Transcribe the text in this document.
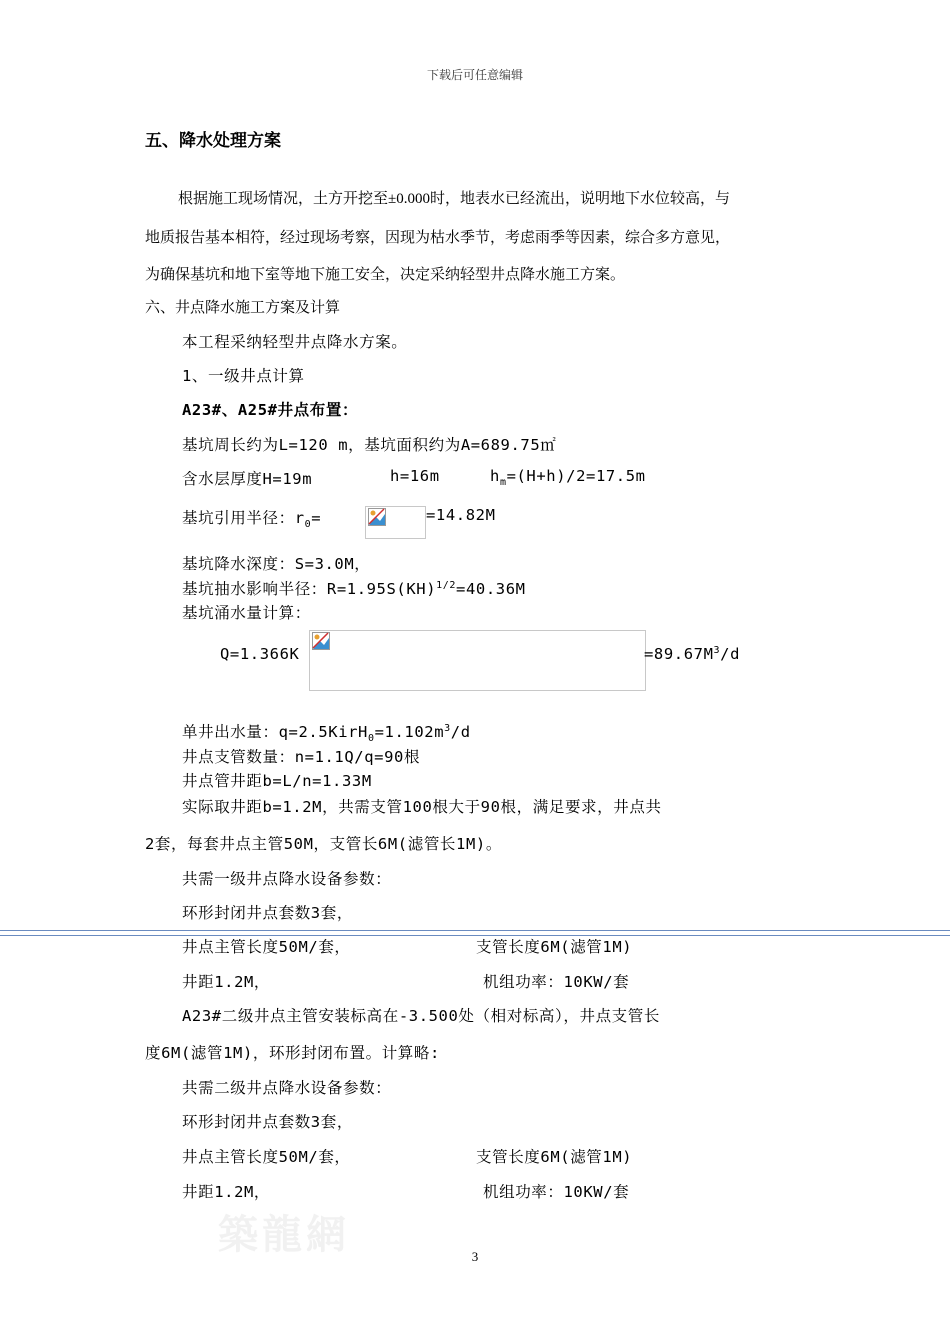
下载后可任意编辑
五、降水处理方案
根据施工现场情况，土方开挖至±0.000时，地表水已经流出，说明地下水位较高，与
地质报告基本相符，经过现场考察，因现为枯水季节，考虑雨季等因素，综合多方意见，
为确保基坑和地下室等地下施工安全，决定采纳轻型井点降水施工方案。
六、井点降水施工方案及计算
本工程采纳轻型井点降水方案。
1、一级井点计算
A23#、A25#井点布置：
基坑周长约为L=120 m，基坑面积约为A=689.75㎡
含水层厚度H=19m	h=16m	$h_m=(H+h)/2=17.5m$
基坑引用半径：$r_0=$	=14.82M
基坑降水深度：S=3.0M，
基坑抽水影响半径：R=1.95S(KH)$^{1/2}$=40.36M
基坑涌水量计算：
Q=1.366K	$=89.67M^3/d$
单井出水量：$q=2.5KirH_0=1.102m^3/d$
井点支管数量：n=1.1Q/q=90根
井点管井距b=L/n=1.33M
实际取井距b=1.2M，共需支管100根大于90根，满足要求，井点共
2套，每套井点主管50M，支管长6M(滤管长1M)。
共需一级井点降水设备参数：
环形封闭井点套数3套，
井点主管长度50M/套，	支管长度6M(滤管1M)
井距1.2M，	机组功率：10KW/套
A23#二级井点主管安装标高在-3.500处（相对标高），井点支管长
度6M(滤管1M)，环形封闭布置。计算略:
共需二级井点降水设备参数：
环形封闭井点套数3套，
井点主管长度50M/套，	支管长度6M(滤管1M)
井距1.2M，	机组功率：10KW/套
築龍網	3
